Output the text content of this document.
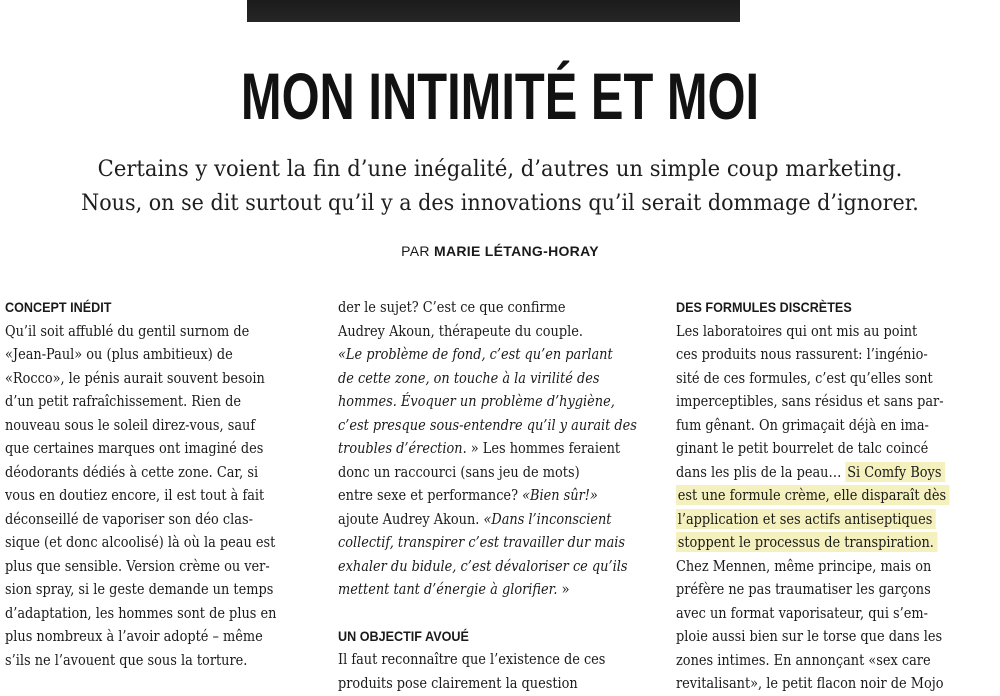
MON INTIMITÉ ET MOI
Certains y voient la fin d’une inégalité, d’autres un simple coup marketing.
Nous, on se dit surtout qu’il y a des innovations qu’il serait dommage d’ignorer.
PAR MARIE LÉTANG-HORAY
CONCEPT INÉDIT
Qu’il soit affublé du gentil surnom de
«Jean-Paul» ou (plus ambitieux) de
«Rocco», le pénis aurait souvent besoin
d’un petit rafraîchissement. Rien de
nouveau sous le soleil direz-vous, sauf
que certaines marques ont imaginé des
déodorants dédiés à cette zone. Car, si
vous en doutiez encore, il est tout à fait
déconseillé de vaporiser son déo clas-
sique (et donc alcoolisé) là où la peau est
plus que sensible. Version crème ou ver-
sion spray, si le geste demande un temps
d’adaptation, les hommes sont de plus en
plus nombreux à l’avoir adopté – même
s’ils ne l’avouent que sous la torture.
der le sujet? C’est ce que confirme
Audrey Akoun, thérapeute du couple.
«Le problème de fond, c’est qu’en parlant
de cette zone, on touche à la virilité des
hommes. Évoquer un problème d’hygiène,
c’est presque sous-entendre qu’il y aurait des
troubles d’érection. » Les hommes feraient
donc un raccourci (sans jeu de mots)
entre sexe et performance? «Bien sûr!»
ajoute Audrey Akoun. «Dans l’inconscient
collectif, transpirer c’est travailler dur mais
exhaler du bidule, c’est dévaloriser ce qu’ils
mettent tant d’énergie à glorifier. »
UN OBJECTIF AVOUÉ
Il faut reconnaître que l’existence de ces
produits pose clairement la question
DES FORMULES DISCRÈTES
Les laboratoires qui ont mis au point
ces produits nous rassurent: l’ingénio-
sité de ces formules, c’est qu’elles sont
imperceptibles, sans résidus et sans par-
fum gênant. On grimaçait déjà en ima-
ginant le petit bourrelet de talc coincé
dans les plis de la peau… Si Comfy Boys
est une formule crème, elle disparaît dès
l’application et ses actifs antiseptiques
stoppent le processus de transpiration.
Chez Mennen, même principe, mais on
préfère ne pas traumatiser les garçons
avec un format vaporisateur, qui s’em-
ploie aussi bien sur le torse que dans les
zones intimes. En annonçant «sex care
revitalisant», le petit flacon noir de Mojo
